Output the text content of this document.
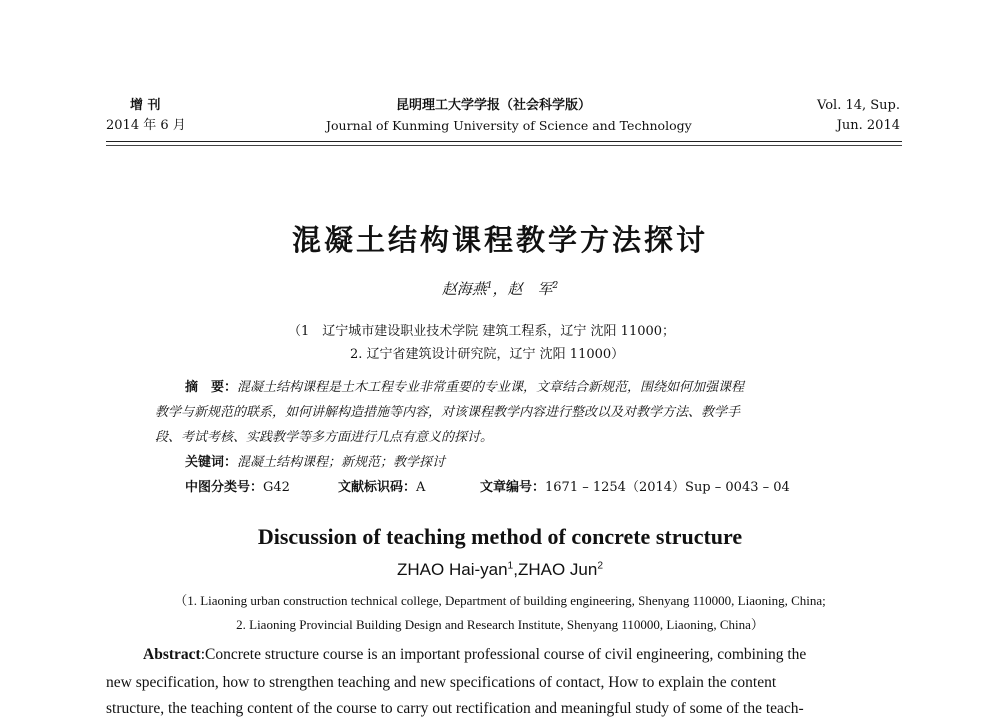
增 刊
2014 年 6 月
昆明理工大学学报（社会科学版）
Journal of Kunming University of Science and Technology
Vol. 14, Sup.
Jun. 2014
混凝土结构课程教学方法探讨
赵海燕$^1$，赵　军$^2$
（1　辽宁城市建设职业技术学院 建筑工程系，辽宁 沈阳 11000；
2. 辽宁省建筑设计研究院，辽宁 沈阳 11000）
摘　要：混凝土结构课程是土木工程专业非常重要的专业课，文章结合新规范，围绕如何加强课程
教学与新规范的联系，如何讲解构造措施等内容，对该课程教学内容进行整改以及对教学方法、教学手
段、考试考核、实践教学等多方面进行几点有意义的探讨。
关键词：混凝土结构课程；新规范；教学探讨
中图分类号：G42	文献标识码：A	文章编号：1671 – 1254（2014）Sup – 0043 – 04
Discussion of teaching method of concrete structure
ZHAO Hai-yan$^1$,ZHAO Jun$^2$
（1. Liaoning urban construction technical college, Department of building engineering, Shenyang 110000, Liaoning, China;
2. Liaoning Provincial Building Design and Research Institute, Shenyang 110000, Liaoning, China）
Abstract:Concrete structure course is an important professional course of civil engineering, combining the
new specification, how to strengthen teaching and new specifications of contact, How to explain the content
structure, the teaching content of the course to carry out rectification and meaningful study of some of the teach-
